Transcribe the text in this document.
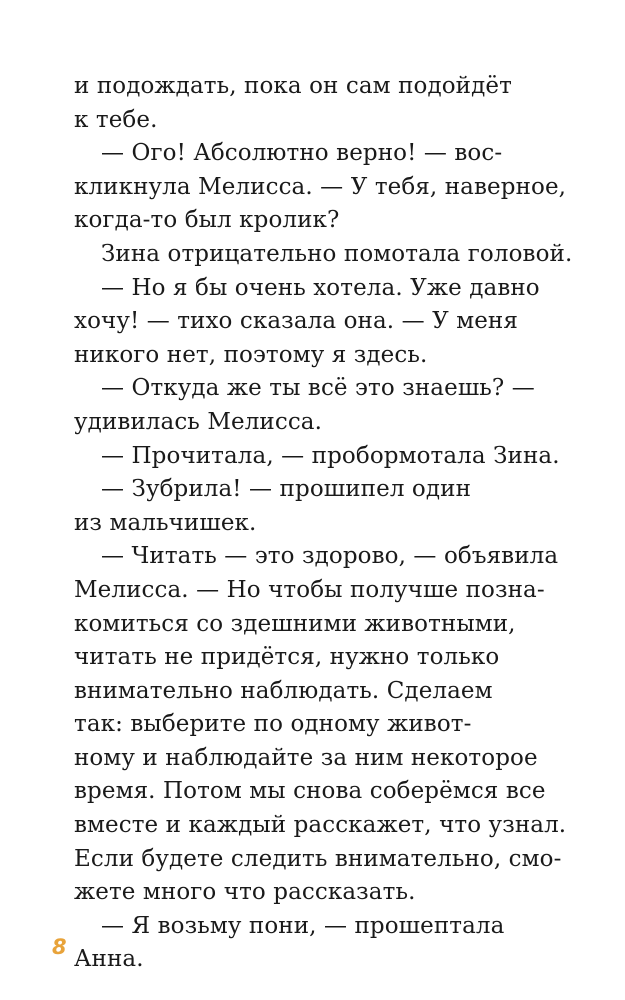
и подождать, пока он сам подойдёт
к тебе.
— Ого! Абсолютно верно! — вос-
кликнула Мелисса. — У тебя, наверное,
когда-то был кролик?
Зина отрицательно помотала головой.
— Но я бы очень хотела. Уже давно
хочу! — тихо сказала она. — У меня
никого нет, поэтому я здесь.
— Откуда же ты всё это знаешь? —
удивилась Мелисса.
— Прочитала, — пробормотала Зина.
— Зубрила! — прошипел один
из мальчишек.
— Читать — это здорово, — объявила
Мелисса. — Но чтобы получше позна-
комиться со здешними животными,
читать не придётся, нужно только
внимательно наблюдать. Сделаем
так: выберите по одному живот-
ному и наблюдайте за ним некоторое
время. Потом мы снова соберёмся все
вместе и каждый расскажет, что узнал.
Если будете следить внимательно, смо-
жете много что рассказать.
— Я возьму пони, — прошептала
Анна.
8
